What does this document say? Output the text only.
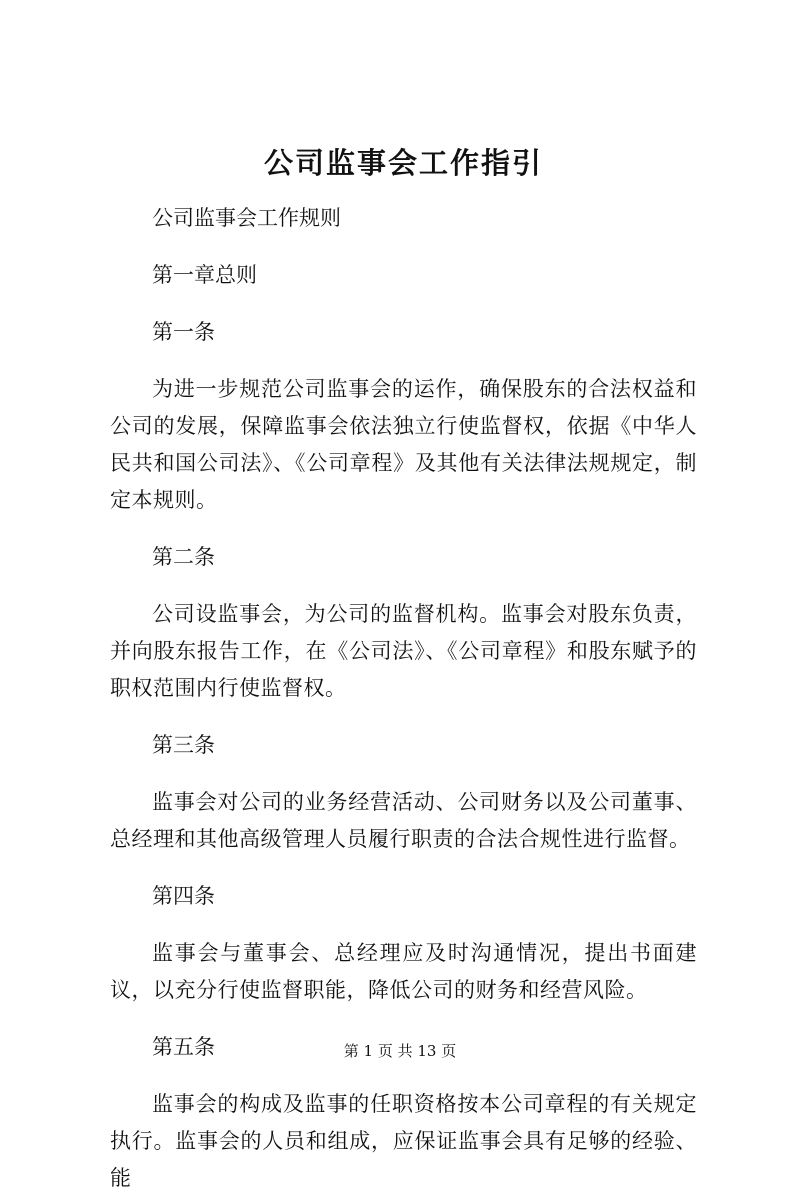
公司监事会工作指引

公司监事会工作规则

第一章总则

第一条

为进一步规范公司监事会的运作，确保股东的合法权益和公司的发展，保障监事会依法独立行使监督权，依据《中华人民共和国公司法》、《公司章程》及其他有关法律法规规定，制定本规则。

第二条

公司设监事会，为公司的监督机构。监事会对股东负责，并向股东报告工作，在《公司法》、《公司章程》和股东赋予的职权范围内行使监督权。

第三条

监事会对公司的业务经营活动、公司财务以及公司董事、总经理和其他高级管理人员履行职责的合法合规性进行监督。

第四条

监事会与董事会、总经理应及时沟通情况，提出书面建议，以充分行使监督职能，降低公司的财务和经营风险。

第五条

监事会的构成及监事的任职资格按本公司章程的有关规定执行。监事会的人员和组成，应保证监事会具有足够的经验、能

第 1 页 共 13 页
